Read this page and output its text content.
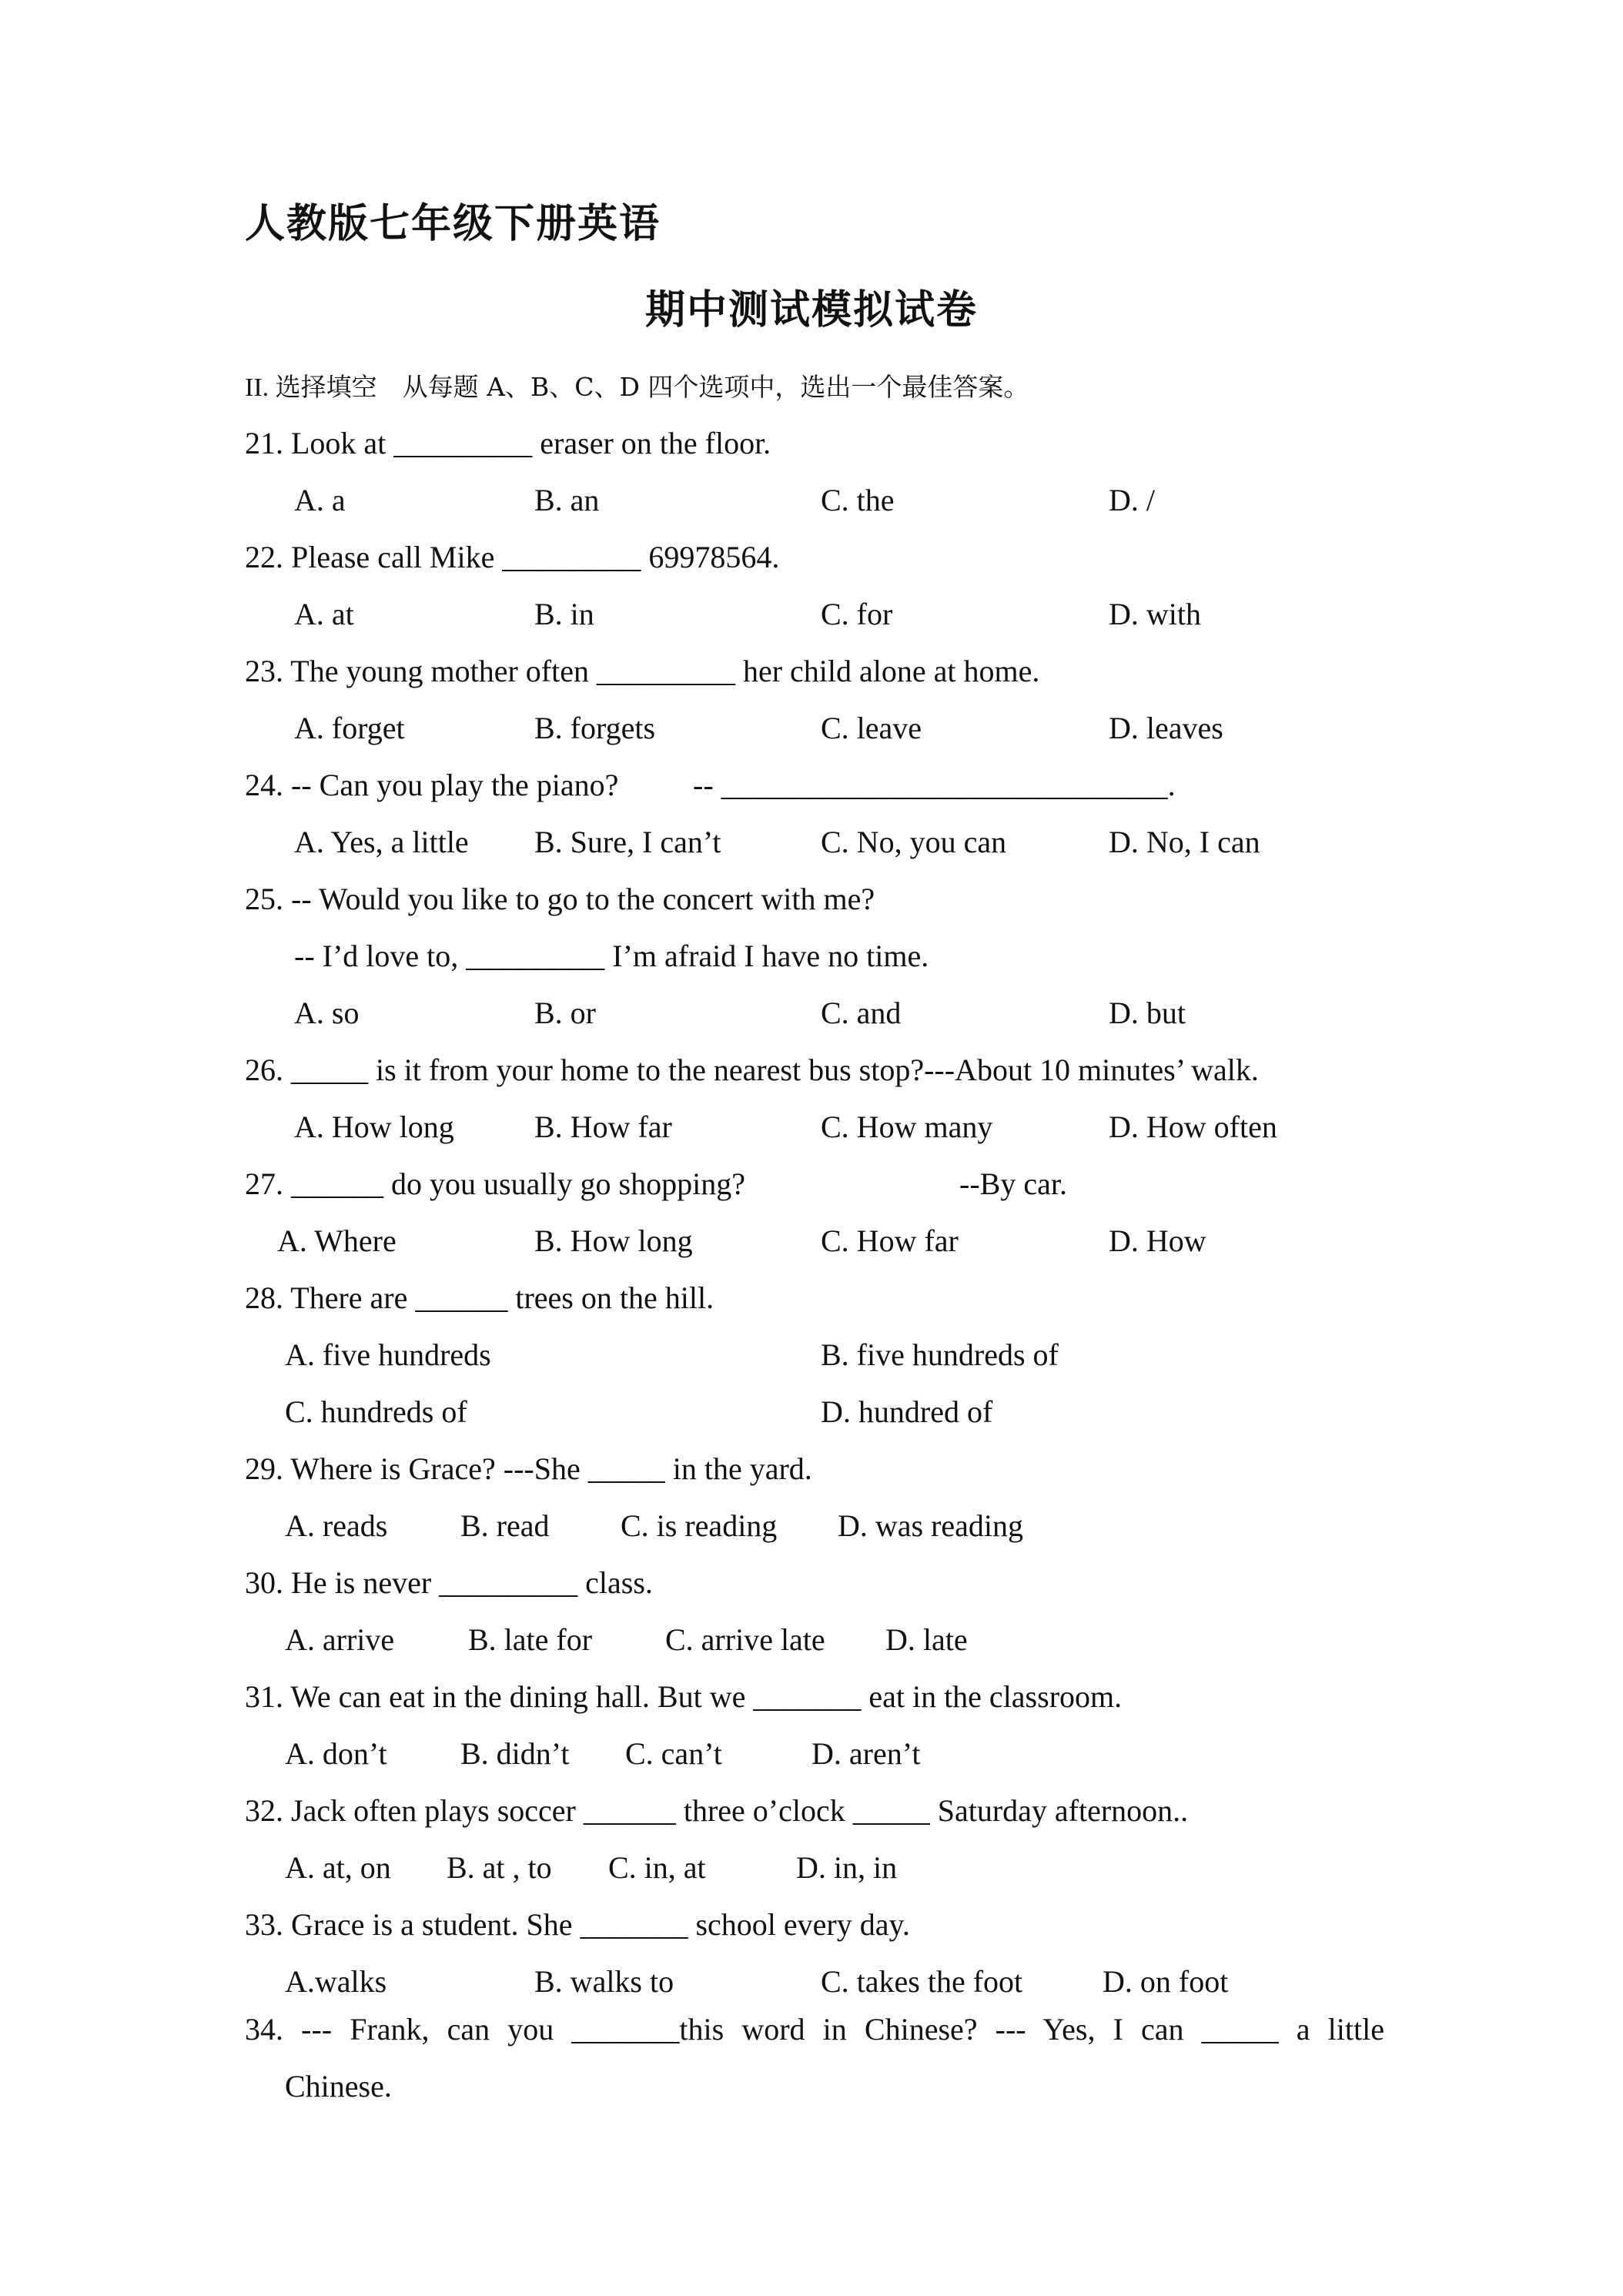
人教版七年级下册英语
期中测试模拟试卷
II. 选择填空　从每题 A、B、C、D 四个选项中，选出一个最佳答案。
21. Look at _________ eraser on the floor.
A. a	B. an	C. the	D. /
22. Please call Mike _________ 69978564.
A. at	B. in	C. for	D. with
23. The young mother often _________ her child alone at home.
A. forget	B. forgets	C. leave	D. leaves
24. -- Can you play the piano? -- _____________________________.
A. Yes, a little B. Sure, I can’t	C. No, you can	D. No, I can
25. -- Would you like to go to the concert with me?
-- I’d love to, _________ I’m afraid I have no time.
A. so	B. or	C. and	D. but
26. _____ is it from your home to the nearest bus stop?---About 10 minutes’ walk.
A. How long	B. How far	C. How many	D. How often
27. ______ do you usually go shopping?	--By car.
A. Where	B. How long	C. How far	D. How
28. There are ______ trees on the hill.
A. five hundreds	B. five hundreds of
C. hundreds of	D. hundred of
29. Where is Grace? ---She _____ in the yard.
A. reads B. read C. is reading D. was reading
30. He is never _________ class.
A. arrive B. late for C. arrive late D. late
31. We can eat in the dining hall. But we _______ eat in the classroom.
A. don’t B. didn’t C. can’t	D. aren’t
32. Jack often plays soccer ______ three o’clock _____ Saturday afternoon..
A. at, on B. at , to C. in, at	D. in, in
33. Grace is a student. She _______ school every day.
A.walks	B. walks to	C. takes the foot	D. on foot
34. --- Frank, can you _______this word in Chinese? --- Yes, I can _____ a little
Chinese.
